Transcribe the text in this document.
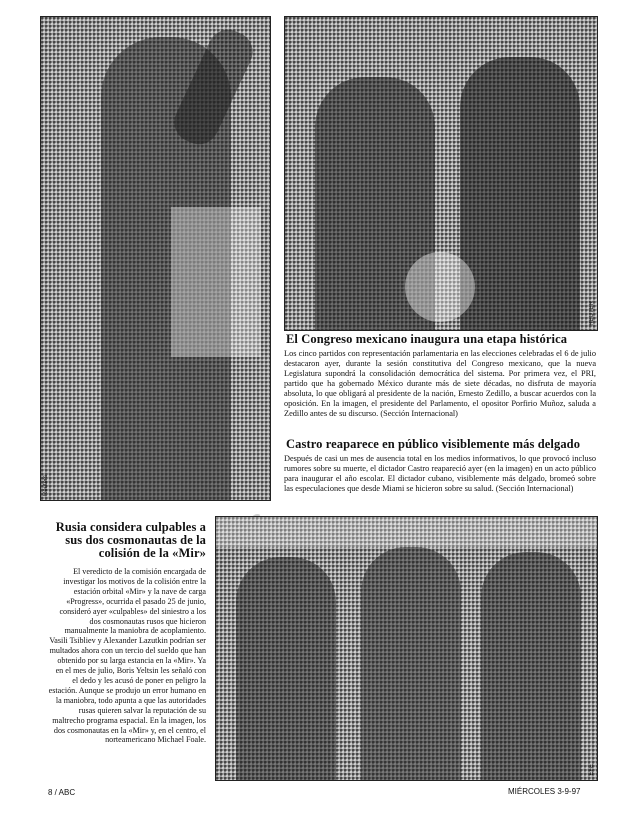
Reuters
REUTER
El Congreso mexicano inaugura una etapa histórica
Los cinco partidos con representación parlamentaria en las elecciones celebradas el 6 de julio destacaron ayer, durante la sesión constitutiva del Congreso mexicano, que la nueva Legislatura supondrá la consolidación democrática del sistema. Por primera vez, el PRI, partido que ha gobernado México durante más de siete décadas, no disfruta de mayoría absoluta, lo que obligará al presidente de la nación, Ernesto Zedillo, a buscar acuerdos con la oposición. En la imagen, el presidente del Parlamento, el opositor Porfirio Muñoz, saluda a Zedillo antes de su discurso. (Sección Internacional)
Castro reaparece en público visiblemente más delgado
Después de casi un mes de ausencia total en los medios informativos, lo que provocó incluso rumores sobre su muerte, el dictador Castro reapareció ayer (en la imagen) en un acto público para inaugurar el año escolar. El dictador cubano, visiblemente más delgado, bromeó sobre las especulaciones que desde Miami se hicieron sobre su salud. (Sección Internacional)
Rusia considera culpables a sus dos cosmonautas de la colisión de la «Mir»
El veredicto de la comisión encargada de investigar los motivos de la colisión entre la estación orbital «Mir» y la nave de carga «Progress», ocurrida el pasado 25 de junio, consideró ayer «culpables» del siniestro a los dos cosmonautas rusos que hicieron manualmente la maniobra de acoplamiento. Vasili Tsibliev y Alexander Lazutkin podrían ser multados ahora con un tercio del sueldo que han obtenido por su larga estancia en la «Mir». Ya en el mes de julio, Boris Yeltsin les señaló con el dedo y les acusó de poner en peligro la estación. Aunque se produjo un error humano en la maniobra, todo apunta a que las autoridades rusas quieren salvar la reputación de su maltrecho programa espacial. En la imagen, los dos cosmonautas en la «Mir» y, en el centro, el norteamericano Michael Foale.
EFE
8 / ABC	MIÉRCOLES 3-9-97
